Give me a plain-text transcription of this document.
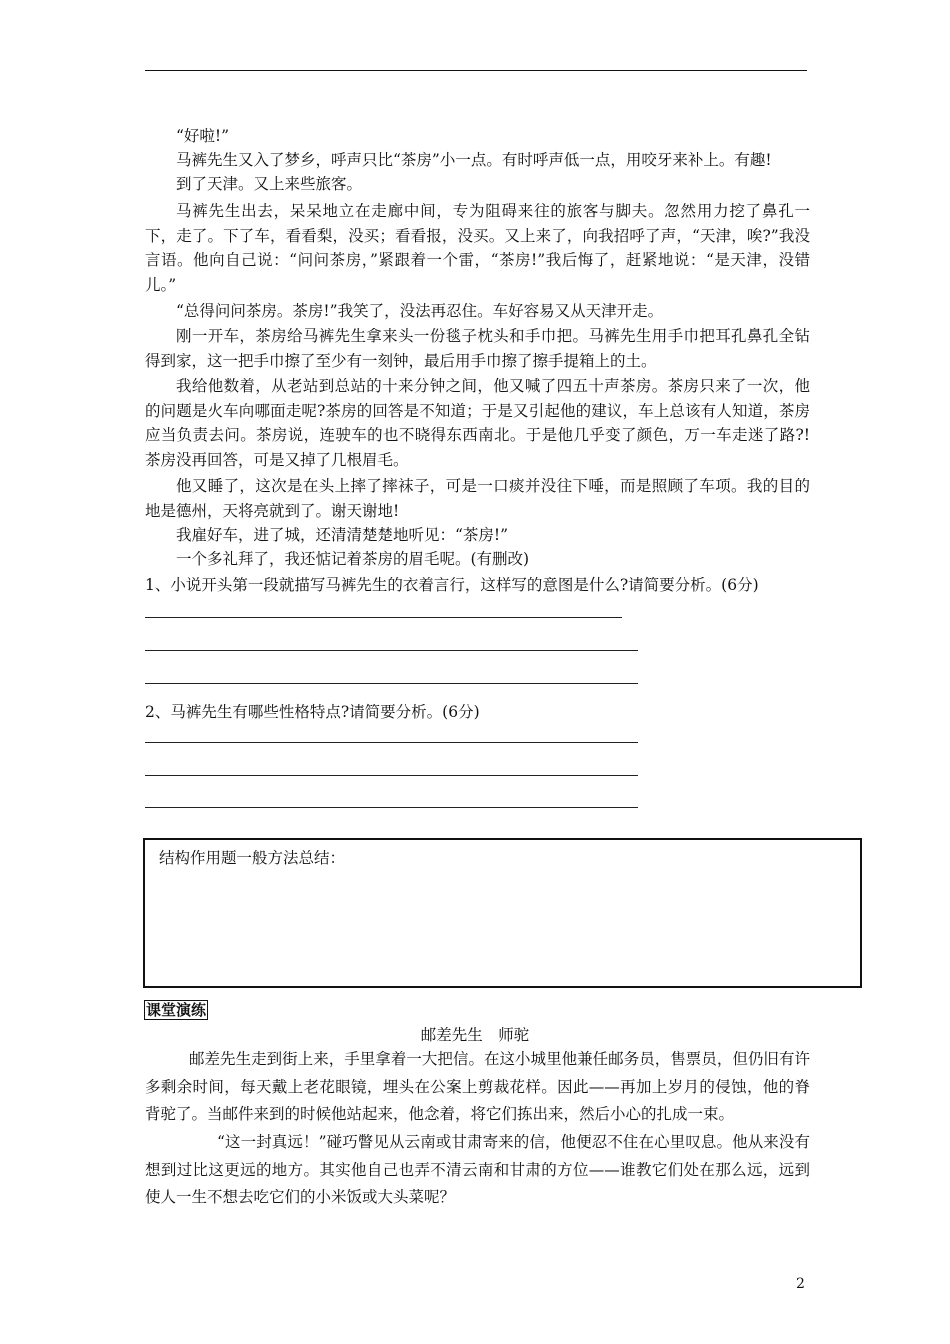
“好啦!”

马裤先生又入了梦乡，呼声只比“茶房”小一点。有时呼声低一点，用咬牙来补上。有趣!

到了天津。又上来些旅客。

马裤先生出去，呆呆地立在走廊中间，专为阻碍来往的旅客与脚夫。忽然用力挖了鼻孔一下，走了。下了车，看看梨，没买；看看报，没买。又上来了，向我招呼了声，“天津，唉?”我没言语。他向自己说：“问问茶房，”紧跟着一个雷，“茶房!”我后悔了，赶紧地说：“是天津，没错儿。”

“总得问问茶房。茶房!”我笑了，没法再忍住。车好容易又从天津开走。

刚一开车，茶房给马裤先生拿来头一份毯子枕头和手巾把。马裤先生用手巾把耳孔鼻孔全钻得到家，这一把手巾擦了至少有一刻钟，最后用手巾擦了擦手提箱上的土。

我给他数着，从老站到总站的十来分钟之间，他又喊了四五十声茶房。茶房只来了一次，他的问题是火车向哪面走呢?茶房的回答是不知道；于是又引起他的建议，车上总该有人知道，茶房应当负责去问。茶房说，连驶车的也不晓得东西南北。于是他几乎变了颜色，万一车走迷了路?!茶房没再回答，可是又掉了几根眉毛。

他又睡了，这次是在头上摔了摔袜子，可是一口痰并没往下唾，而是照顾了车项。我的目的地是德州，天将亮就到了。谢天谢地!

我雇好车，进了城，还清清楚楚地听见：“茶房!”

一个多礼拜了，我还惦记着茶房的眉毛呢。(有删改)

1、小说开头第一段就描写马裤先生的衣着言行，这样写的意图是什么?请简要分析。(6分)

2、马裤先生有哪些性格特点?请简要分析。(6分)

结构作用题一般方法总结：
课堂演练
邮差先生　师驼

邮差先生走到街上来，手里拿着一大把信。在这小城里他兼任邮务员，售票员，但仍旧有许多剩余时间，每天戴上老花眼镜，埋头在公案上剪裁花样。因此——再加上岁月的侵蚀，他的脊背驼了。当邮件来到的时候他站起来，他念着，将它们拣出来，然后小心的扎成一束。

“这一封真远！”碰巧瞥见从云南或甘肃寄来的信，他便忍不住在心里叹息。他从来没有想到过比这更远的地方。其实他自己也弄不清云南和甘肃的方位——谁教它们处在那么远，远到使人一生不想去吃它们的小米饭或大头菜呢？

2
